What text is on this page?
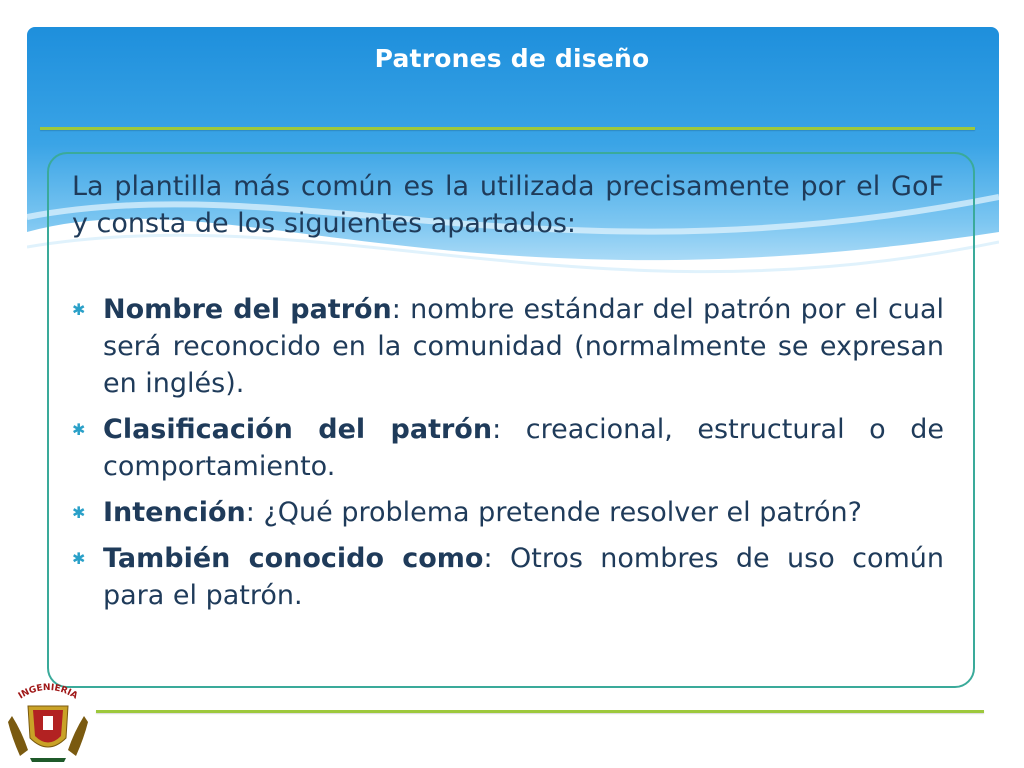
Patrones de diseño

La plantilla más común es la utilizada precisamente por el GoF y consta de los siguientes apartados:

✱ Nombre del patrón: nombre estándar del patrón por el cual será reconocido en la comunidad (normalmente se expresan en inglés).
✱ Clasificación del patrón: creacional, estructural o de comportamiento.
✱ Intención: ¿Qué problema pretende resolver el patrón?
✱ También conocido como: Otros nombres de uso común para el patrón.
INGENIERIA
